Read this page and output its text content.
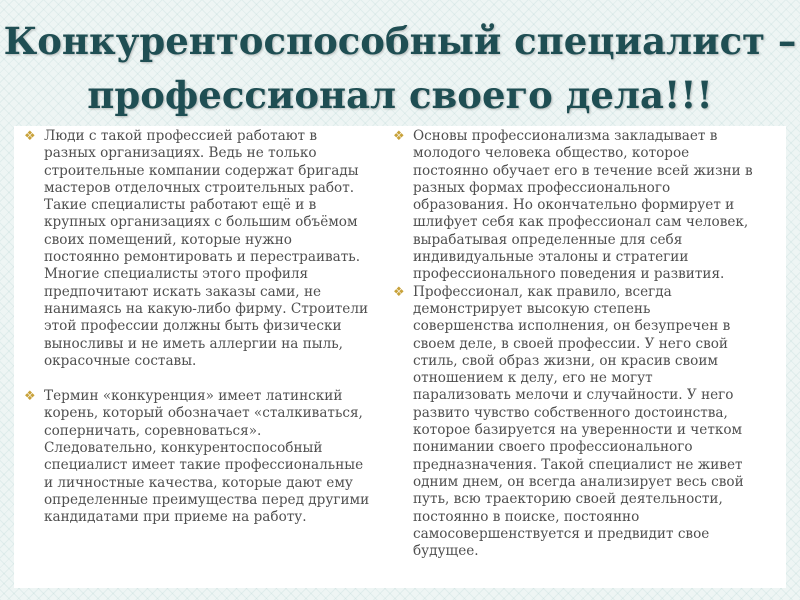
Конкурентоспособный специалист –
профессионал своего дела!!!
❖ Люди с такой профессией работают в
разных организациях. Ведь не только
строительные компании содержат бригады
мастеров отделочных строительных работ.
Такие специалисты работают ещё и в
крупных организациях с большим объёмом
своих помещений, которые нужно
постоянно ремонтировать и перестраивать.
Многие специалисты этого профиля
предпочитают искать заказы сами, не
нанимаясь на какую-либо фирму. Строители
этой профессии должны быть физически
выносливы и не иметь аллергии на пыль,
окрасочные составы.
❖ Термин «конкуренция» имеет латинский
корень, который обозначает «сталкиваться,
соперничать, соревноваться».
Следовательно, конкурентоспособный
специалист имеет такие профессиональные
и личностные качества, которые дают ему
определенные преимущества перед другими
кандидатами при приеме на работу.
❖ Основы профессионализма закладывает в
молодого человека общество, которое
постоянно обучает его в течение всей жизни в
разных формах профессионального
образования. Но окончательно формирует и
шлифует себя как профессионал сам человек,
вырабатывая определенные для себя
индивидуальные эталоны и стратегии
профессионального поведения и развития.
❖ Профессионал, как правило, всегда
демонстрирует высокую степень
совершенства исполнения, он безупречен в
своем деле, в своей профессии. У него свой
стиль, свой образ жизни, он красив своим
отношением к делу, его не могут
парализовать мелочи и случайности. У него
развито чувство собственного достоинства,
которое базируется на уверенности и четком
понимании своего профессионального
предназначения. Такой специалист не живет
одним днем, он всегда анализирует весь свой
путь, всю траекторию своей деятельности,
постоянно в поиске, постоянно
самосовершенствуется и предвидит свое
будущее.
